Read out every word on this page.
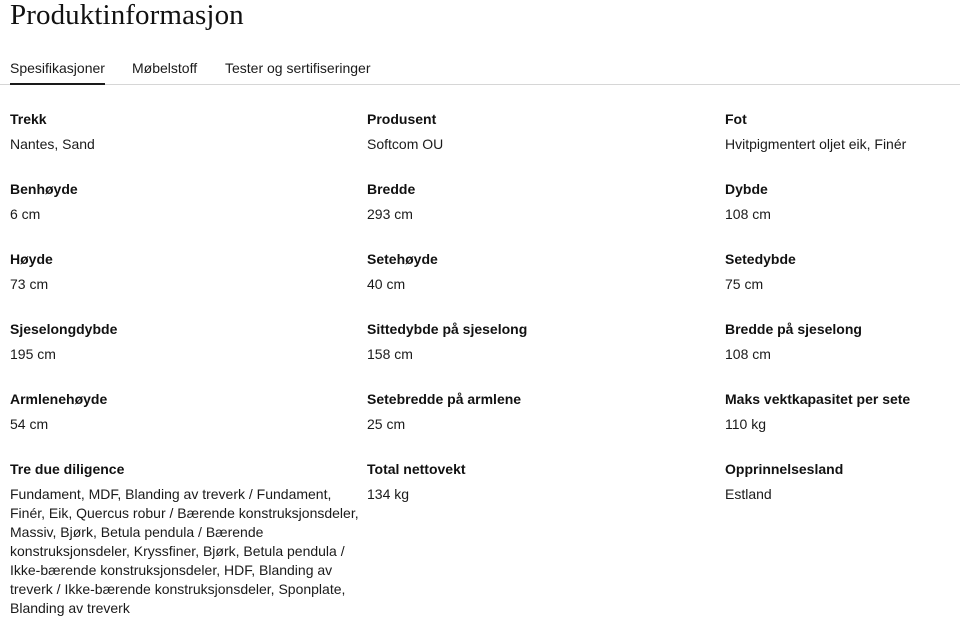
Produktinformasjon
Spesifikasjoner Møbelstoff Tester og sertifiseringer
Trekk
Nantes, Sand
Produsent
Softcom OU
Fot
Hvitpigmentert oljet eik, Finér
Benhøyde
6 cm
Bredde
293 cm
Dybde
108 cm
Høyde
73 cm
Setehøyde
40 cm
Setedybde
75 cm
Sjeselongdybde
195 cm
Sittedybde på sjeselong
158 cm
Bredde på sjeselong
108 cm
Armlenehøyde
54 cm
Setebredde på armlene
25 cm
Maks vektkapasitet per sete
110 kg
Tre due diligence
Fundament, MDF, Blanding av treverk / Fundament, Finér, Eik, Quercus robur / Bærende konstruksjonsdeler, Massiv, Bjørk, Betula pendula / Bærende konstruksjonsdeler, Kryssfiner, Bjørk, Betula pendula / Ikke-bærende konstruksjonsdeler, HDF, Blanding av treverk / Ikke-bærende konstruksjonsdeler, Sponplate, Blanding av treverk
Total nettovekt
134 kg
Opprinnelsesland
Estland
